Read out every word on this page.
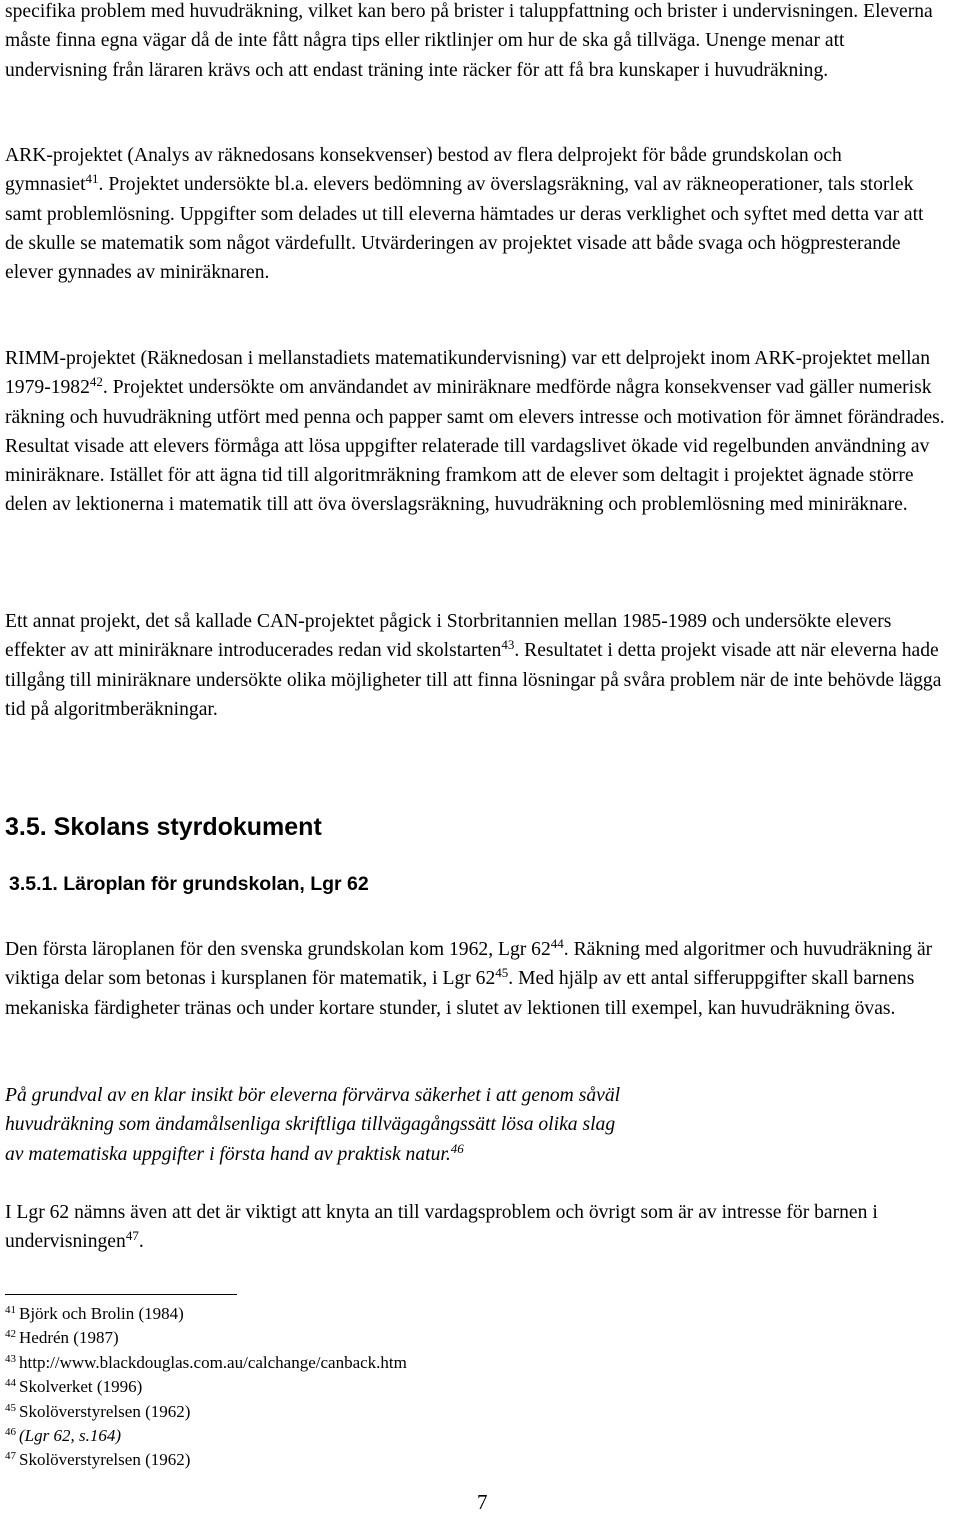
specifika problem med huvudräkning, vilket kan bero på brister i taluppfattning och brister i undervisningen. Eleverna måste finna egna vägar då de inte fått några tips eller riktlinjer om hur de ska gå tillväga. Unenge menar att undervisning från läraren krävs och att endast träning inte räcker för att få bra kunskaper i huvudräkning.

ARK-projektet (Analys av räknedosans konsekvenser) bestod av flera delprojekt för både grundskolan och gymnasiet$^{41}$. Projektet undersökte bl.a. elevers bedömning av överslagsräkning, val av räkneoperationer, tals storlek samt problemlösning. Uppgifter som delades ut till eleverna hämtades ur deras verklighet och syftet med detta var att de skulle se matematik som något värdefullt. Utvärderingen av projektet visade att både svaga och högpresterande elever gynnades av miniräknaren.

RIMM-projektet (Räknedosan i mellanstadiets matematikundervisning) var ett delprojekt inom ARK-projektet mellan 1979-1982$^{42}$. Projektet undersökte om användandet av miniräknare medförde några konsekvenser vad gäller numerisk räkning och huvudräkning utfört med penna och papper samt om elevers intresse och motivation för ämnet förändrades. Resultat visade att elevers förmåga att lösa uppgifter relaterade till vardagslivet ökade vid regelbunden användning av miniräknare. Istället för att ägna tid till algoritmräkning framkom att de elever som deltagit i projektet ägnade större delen av lektionerna i matematik till att öva överslagsräkning, huvudräkning och problemlösning med miniräknare.

Ett annat projekt, det så kallade CAN-projektet pågick i Storbritannien mellan 1985-1989 och undersökte elevers effekter av att miniräknare introducerades redan vid skolstarten$^{43}$. Resultatet i detta projekt visade att när eleverna hade tillgång till miniräknare undersökte olika möjligheter till att finna lösningar på svåra problem när de inte behövde lägga tid på algoritmberäkningar.

3.5. Skolans styrdokument
3.5.1. Läroplan för grundskolan, Lgr 62

Den första läroplanen för den svenska grundskolan kom 1962, Lgr $62^{44}$. Räkning med algoritmer och huvudräkning är viktiga delar som betonas i kursplanen för matematik, i Lgr $62^{45}$. Med hjälp av ett antal sifferuppgifter skall barnens mekaniska färdigheter tränas och under kortare stunder, i slutet av lektionen till exempel, kan huvudräkning övas.

På grundval av en klar insikt bör eleverna förvärva säkerhet i att genom såväl
huvudräkning som ändamålsenliga skriftliga tillvägagångssätt lösa olika slag
av matematiska uppgifter i första hand av praktisk natur.$^{46}$

I Lgr 62 nämns även att det är viktigt att knyta an till vardagsproblem och övrigt som är av intresse för barnen i undervisningen$^{47}$.

$^{41}$ Björk och Brolin (1984)
$^{42}$ Hedrén (1987)
$^{43}$ http://www.blackdouglas.com.au/calchange/canback.htm
$^{44}$ Skolverket (1996)
$^{45}$ Skolöverstyrelsen (1962)
$^{46}$ (Lgr 62, s.164)
$^{47}$ Skolöverstyrelsen (1962)
7
